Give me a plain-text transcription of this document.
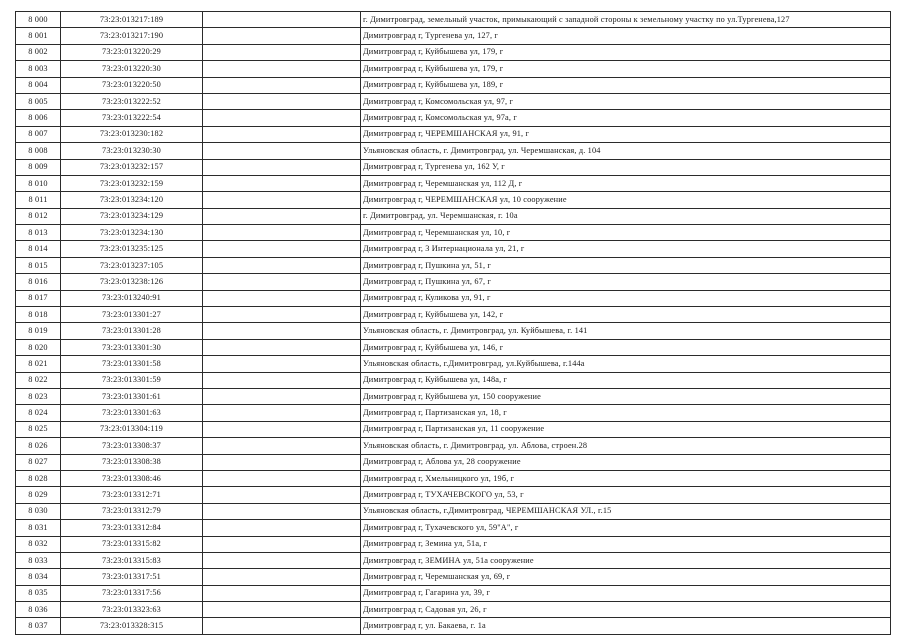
8 000	73:23:013217:189		г. Димитровград, земельный участок, примыкающий с западной стороны к земельному участку по ул.Тургенева,127
8 001	73:23:013217:190		Димитровград г, Тургенева ул, 127, г
8 002	73:23:013220:29		Димитровград г, Куйбышева ул, 179, г
8 003	73:23:013220:30		Димитровград г, Куйбышева ул, 179, г
8 004	73:23:013220:50		Димитровград г, Куйбышева ул, 189, г
8 005	73:23:013222:52		Димитровград г, Комсомольская ул, 97, г
8 006	73:23:013222:54		Димитровград г, Комсомольская ул, 97а, г
8 007	73:23:013230:182		Димитровград г, ЧЕРЕМШАНСКАЯ ул, 91, г
8 008	73:23:013230:30		Ульяновская область, г. Димитровград, ул. Черемшанская, д. 104
8 009	73:23:013232:157		Димитровград г, Тургенева ул, 162 У, г
8 010	73:23:013232:159		Димитровград г, Черемшанская ул, 112 Д, г
8 011	73:23:013234:120		Димитровград г, ЧЕРЕМШАНСКАЯ ул, 10 сооружение
8 012	73:23:013234:129		г. Димитровград, ул. Черемшанская, г. 10а
8 013	73:23:013234:130		Димитровград г, Черемшанская ул, 10, г
8 014	73:23:013235:125		Димитровград г, 3 Интернационала ул, 21, г
8 015	73:23:013237:105		Димитровград г, Пушкина ул, 51, г
8 016	73:23:013238:126		Димитровград г, Пушкина ул, 67, г
8 017	73:23:013240:91		Димитровград г, Куликова ул, 91, г
8 018	73:23:013301:27		Димитровград г, Куйбышева ул, 142, г
8 019	73:23:013301:28		Ульяновская область, г. Димитровград, ул. Куйбышева, г. 141
8 020	73:23:013301:30		Димитровград г, Куйбышева ул, 146, г
8 021	73:23:013301:58		Ульяновская область, г.Димитровград, ул.Куйбышева, г.144а
8 022	73:23:013301:59		Димитровград г, Куйбышева ул, 148а, г
8 023	73:23:013301:61		Димитровград г, Куйбышева ул, 150 сооружение
8 024	73:23:013301:63		Димитровград г, Партизанская ул, 18, г
8 025	73:23:013304:119		Димитровград г, Партизанская ул, 11 сооружение
8 026	73:23:013308:37		Ульяновская область, г. Димитровград, ул. Аблова, строен.28
8 027	73:23:013308:38		Димитровград г, Аблова ул, 28 сооружение
8 028	73:23:013308:46		Димитровград г, Хмельницкого ул, 19б, г
8 029	73:23:013312:71		Димитровград г, ТУХАЧЕВСКОГО ул, 53, г
8 030	73:23:013312:79		Ульяновская область, г.Димитровград, ЧЕРЕМШАНСКАЯ УЛ., г.15
8 031	73:23:013312:84		Димитровград г, Тухачевского ул, 59"А", г
8 032	73:23:013315:82		Димитровград г, Земина ул, 51а, г
8 033	73:23:013315:83		Димитровград г, ЗЕМИНА ул, 51а сооружение
8 034	73:23:013317:51		Димитровград г, Черемшанская ул, 69, г
8 035	73:23:013317:56		Димитровград г, Гагарина ул, 39, г
8 036	73:23:013323:63		Димитровград г, Садовая ул, 26, г
8 037	73:23:013328:315		Димитровград г, ул. Бакаева, г. 1а
